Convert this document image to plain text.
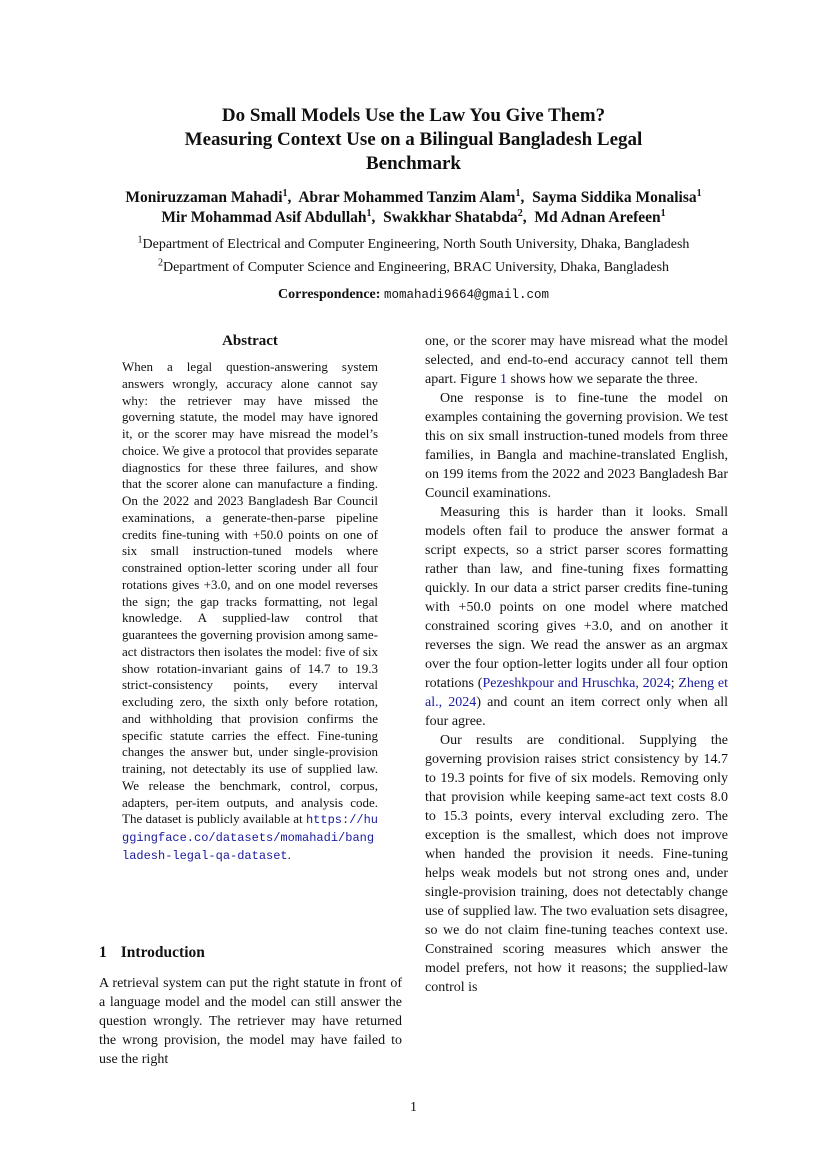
Do Small Models Use the Law You Give Them?
Measuring Context Use on a Bilingual Bangladesh Legal
Benchmark
Moniruzzaman Mahadi$^1$,  Abrar Mohammed Tanzim Alam$^1$,  Sayma Siddika Monalisa$^1$
Mir Mohammad Asif Abdullah$^1$,  Swakkhar Shatabda$^2$,  Md Adnan Arefeen$^1$
$^1$Department of Electrical and Computer Engineering, North South University, Dhaka, Bangladesh
$^2$Department of Computer Science and Engineering, BRAC University, Dhaka, Bangladesh
Correspondence: momahadi9664@gmail.com
Abstract
When a legal question-answering system answers wrongly, accuracy alone cannot say why: the retriever may have missed the governing statute, the model may have ignored it, or the scorer may have misread the model’s choice. We give a protocol that provides separate diagnostics for these three failures, and show that the scorer alone can manufacture a finding. On the 2022 and 2023 Bangladesh Bar Council examinations, a generate-then-parse pipeline credits fine-tuning with +50.0 points on one of six small instruction-tuned models where constrained option-letter scoring under all four rotations gives +3.0, and on one model reverses the sign; the gap tracks formatting, not legal knowledge. A supplied-law control that guarantees the governing provision among same-act distractors then isolates the model: five of six show rotation-invariant gains of 14.7 to 19.3 strict-consistency points, every interval excluding zero, the sixth only before rotation, and withholding that provision confirms the specific statute carries the effect. Fine-tuning changes the answer but, under single-provision training, not detectably its use of supplied law. We release the benchmark, control, corpus, adapters, per-item outputs, and analysis code. The dataset is publicly available at https://huggingface.co/datasets/momahadi/bangladesh-legal-qa-dataset.
1 Introduction
A retrieval system can put the right statute in front of a language model and the model can still answer the question wrongly. The retriever may have returned the wrong provision, the model may have failed to use the right

one, or the scorer may have misread what the model selected, and end-to-end accuracy cannot tell them apart. Figure 1 shows how we separate the three.

One response is to fine-tune the model on examples containing the governing provision. We test this on six small instruction-tuned models from three families, in Bangla and machine-translated English, on 199 items from the 2022 and 2023 Bangladesh Bar Council examinations.

Measuring this is harder than it looks. Small models often fail to produce the answer format a script expects, so a strict parser scores formatting rather than law, and fine-tuning fixes formatting quickly. In our data a strict parser credits fine-tuning with +50.0 points on one model where matched constrained scoring gives +3.0, and on another it reverses the sign. We read the answer as an argmax over the four option-letter logits under all four option rotations (Pezeshkpour and Hruschka, 2024; Zheng et al., 2024) and count an item correct only when all four agree.

Our results are conditional. Supplying the governing provision raises strict consistency by 14.7 to 19.3 points for five of six models. Removing only that provision while keeping same-act text costs 8.0 to 15.3 points, every interval excluding zero. The exception is the smallest, which does not improve when handed the provision it needs. Fine-tuning helps weak models but not strong ones and, under single-provision training, does not detectably change use of supplied law. The two evaluation sets disagree, so we do not claim fine-tuning teaches context use. Constrained scoring measures which answer the model prefers, not how it reasons; the supplied-law control is

1
